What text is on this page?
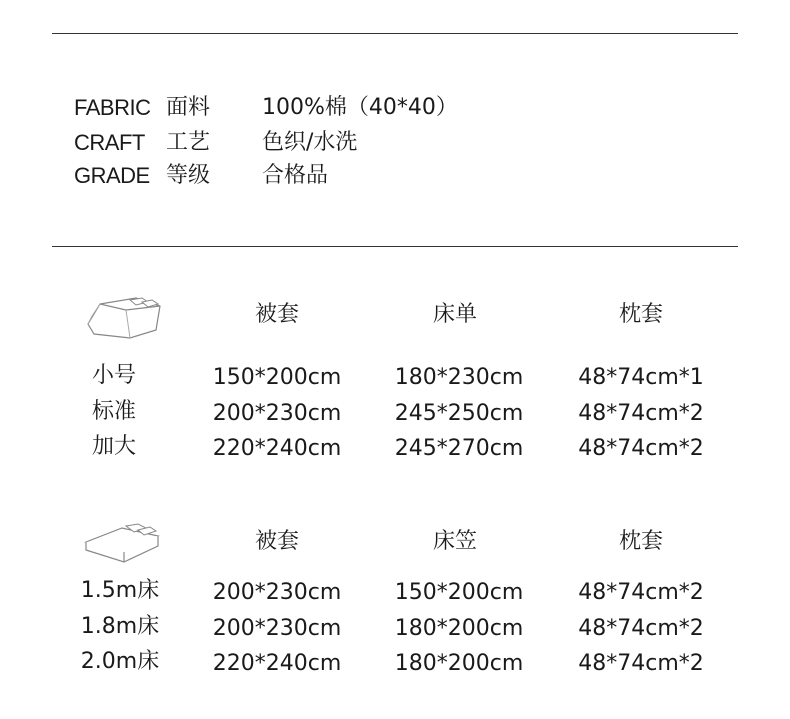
FABRIC 面料 100%棉（40*40）
CRAFT 工艺 色织/水洗
GRADE 等级 合格品
被套	床单	枕套
小号	150*200cm 180*230cm 48*74cm*1
标准	200*230cm 245*250cm 48*74cm*2
加大	220*240cm 245*270cm 48*74cm*2
被套	床笠	枕套
1.5m床 200*230cm 150*200cm 48*74cm*2
1.8m床 200*230cm 180*200cm 48*74cm*2
2.0m床 220*240cm 180*200cm 48*74cm*2
